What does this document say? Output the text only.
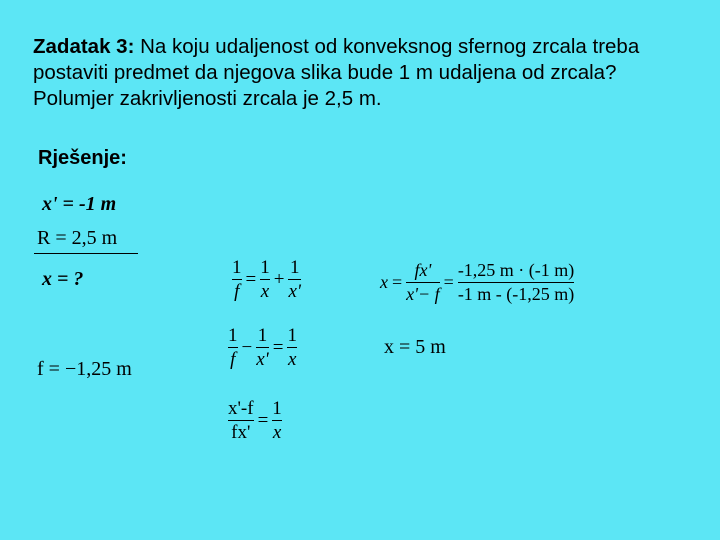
Zadatak 3: Na koju udaljenost od konveksnog sfernog zrcala treba postaviti predmet da njegova slika bude 1 m udaljena od zrcala? Polumjer zakrivljenosti zrcala je 2,5 m.
Rješenje:
x' = -1 m
R = 2,5 m
x = ?
f = −1,25 m
$\frac{1}{f} = \frac{1}{x} + \frac{1}{x'}$
$\frac{1}{f} - \frac{1}{x'} = \frac{1}{x}$
$\frac{x'-f}{fx'} = \frac{1}{x}$
$x = \frac{fx'}{x'- f} = \frac{-1,25 m \cdot (-1 m)}{-1 m - (-1,25 m)}$
x = 5 m
